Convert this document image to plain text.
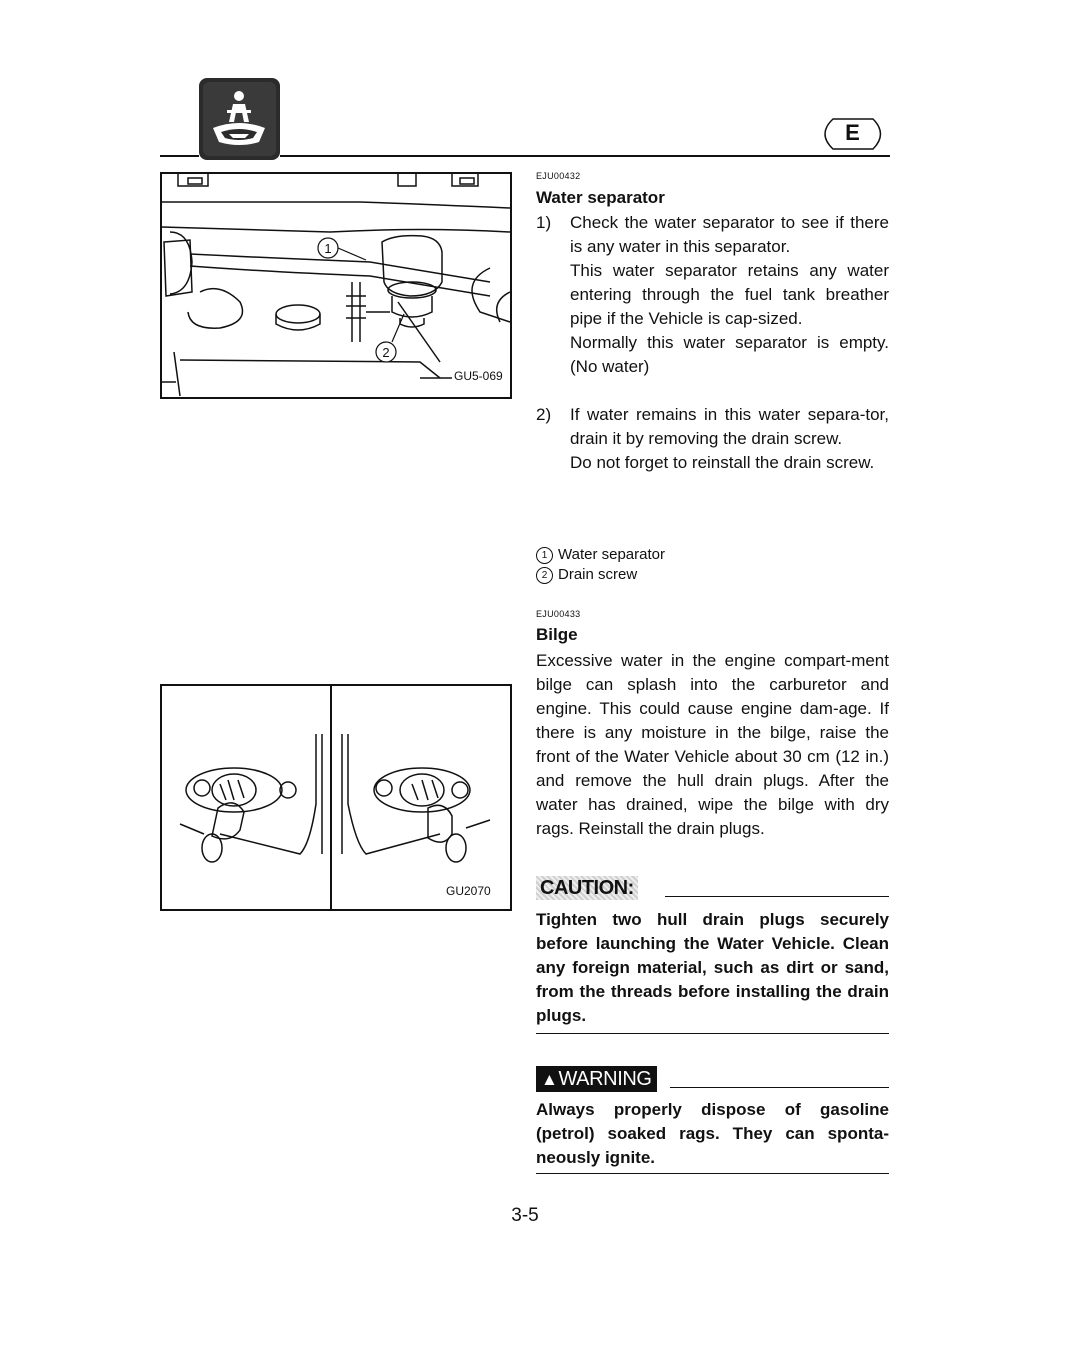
E
1
2
GU5-069
GU2070
EJU00432
Water separator
1) Check the water separator to see if there is any water in this separator.

This water separator retains any water entering through the fuel tank breather pipe if the Vehicle is cap-sized.

Normally this water separator is empty. (No water)

2) If water remains in this water separa-tor, drain it by removing the drain screw.

Do not forget to reinstall the drain screw.

1 Water separator
2 Drain screw
EJU00433
Bilge
Excessive water in the engine compart-ment bilge can splash into the carburetor and engine. This could cause engine dam-age. If there is any moisture in the bilge, raise the front of the Water Vehicle about 30 cm (12 in.) and remove the hull drain plugs. After the water has drained, wipe the bilge with dry rags. Reinstall the drain plugs.
CAUTION:
Tighten two hull drain plugs securely before launching the Water Vehicle. Clean any foreign material, such as dirt or sand, from the threads before installing the drain plugs.
▲WARNING
Always properly dispose of gasoline (petrol) soaked rags. They can sponta-neously ignite.
3-5
